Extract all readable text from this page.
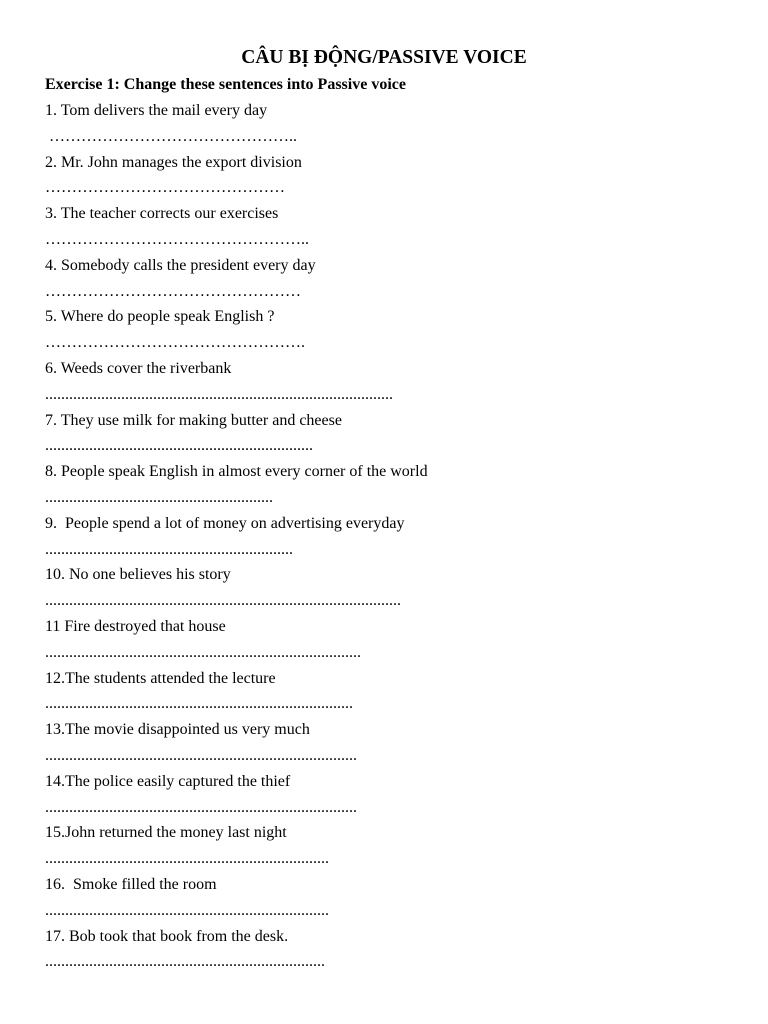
CÂU BỊ ĐỘNG/PASSIVE VOICE

Exercise 1: Change these sentences into Passive voice

1. Tom delivers the mail every day

………………………………………..

2. Mr. John manages the export division

………………………………………

3. The teacher corrects our exercises

…………………………………………..

4. Somebody calls the president every day

…………………………………………

5. Where do people speak English ?

………………………………………….

6. Weeds cover the riverbank

.......................................................................................

7. They use milk for making butter and cheese

...................................................................

8. People speak English in almost every corner of the world

.........................................................

9.  People spend a lot of money on advertising everyday

..............................................................

10. No one believes his story

.........................................................................................

11 Fire destroyed that house

...............................................................................

12.The students attended the lecture

.............................................................................

13.The movie disappointed us very much

..............................................................................

14.The police easily captured the thief

..............................................................................

15.John returned the money last night

.......................................................................

16.  Smoke filled the room

.......................................................................

17. Bob took that book from the desk.

......................................................................
